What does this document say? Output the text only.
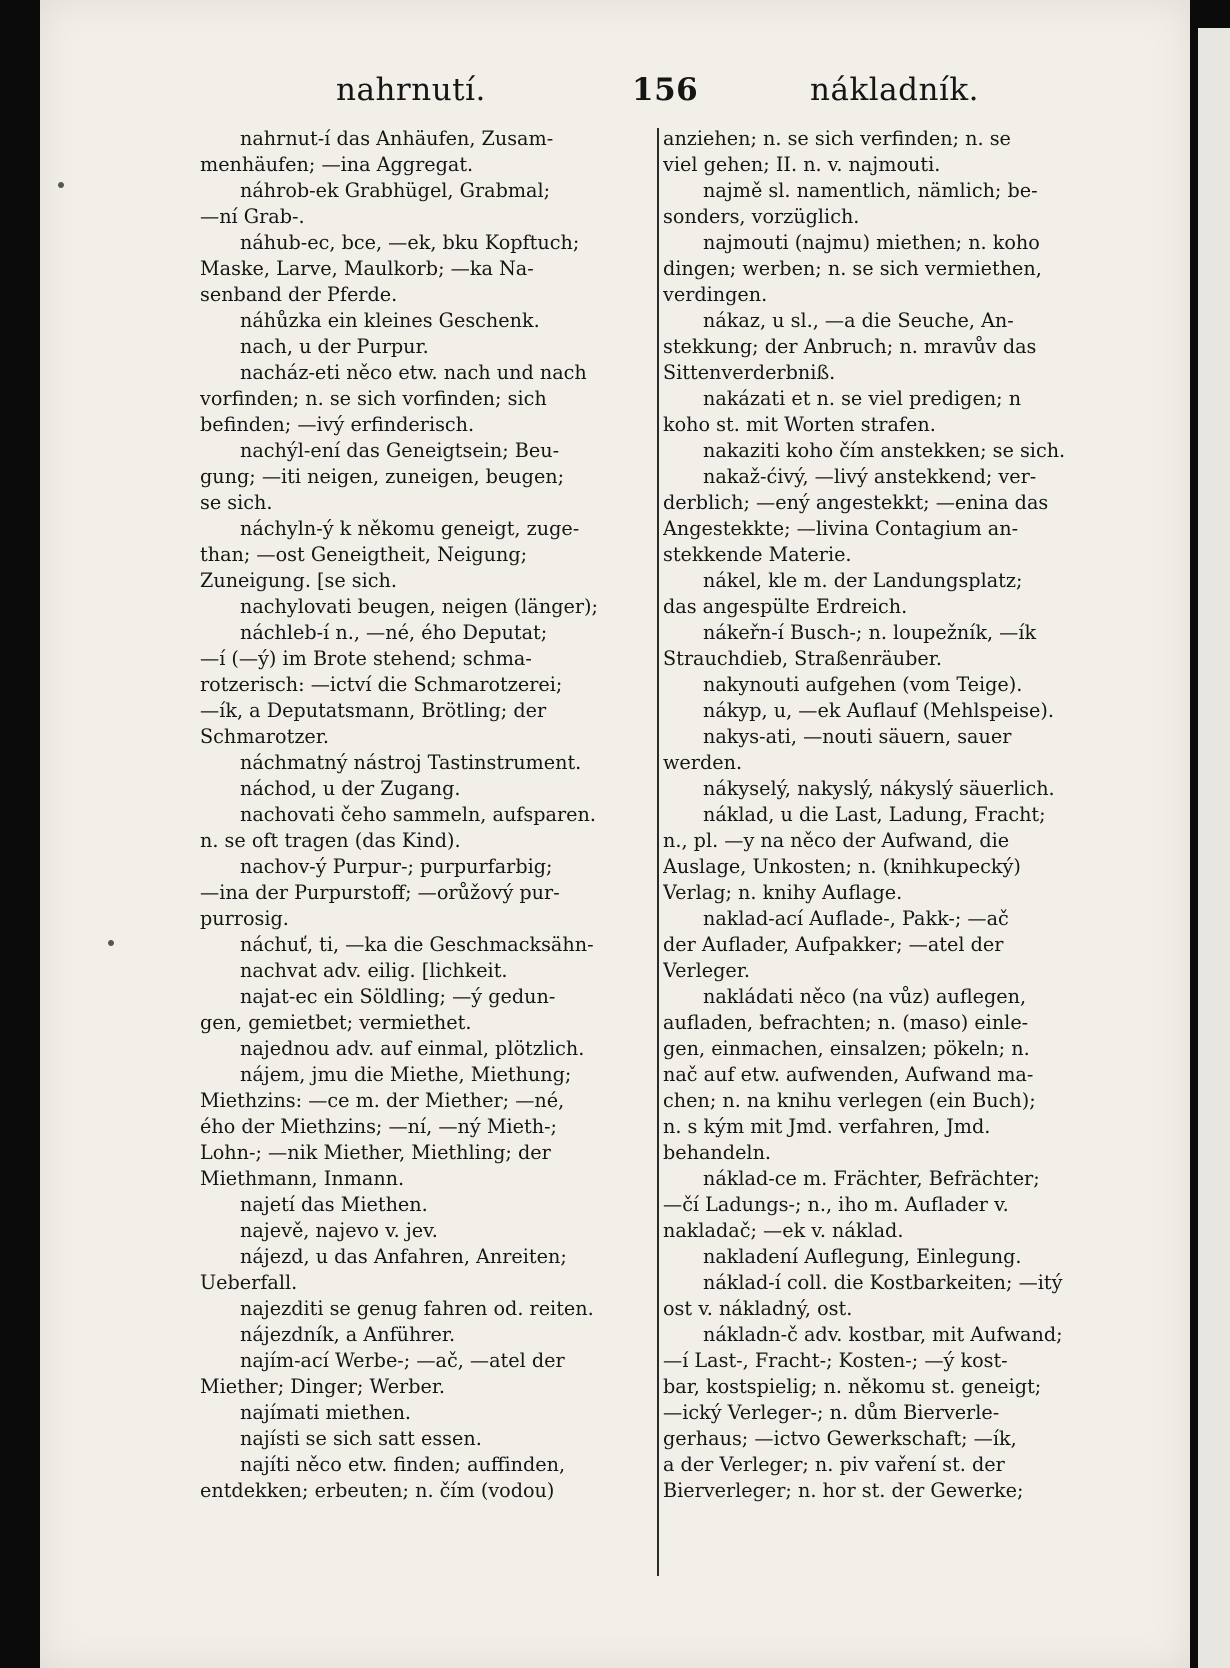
nahrnutí.	156	nákladník.
nahrnut-í das Anhäufen, Zusam-
menhäufen; —ina Aggregat.
náhrob-ek Grabhügel, Grabmal;
—ní Grab-.
náhub-ec, bce, —ek, bku Kopftuch;
Maske, Larve, Maulkorb; —ka Na-
senband der Pferde.
náhůzka ein kleines Geschenk.
nach, u der Purpur.
nacház-eti něco etw. nach und nach
vorfinden; n. se sich vorfinden; sich
befinden; —ivý erfinderisch.
nachýl-ení das Geneigtsein; Beu-
gung; —iti neigen, zuneigen, beugen;
se sich.
náchyln-ý k někomu geneigt, zuge-
than; —ost Geneigtheit, Neigung;
Zuneigung. [se sich.
nachylovati beugen, neigen (länger);
náchleb-í n., —né, ého Deputat;
—í (—ý) im Brote stehend; schma-
rotzerisch: —ictví die Schmarotzerei;
—ík, a Deputatsmann, Brötling; der
Schmarotzer.
náchmatný nástroj Tastinstrument.
náchod, u der Zugang.
nachovati čeho sammeln, aufsparen.
n. se oft tragen (das Kind).
nachov-ý Purpur-; purpurfarbig;
—ina der Purpurstoff; —orůžový pur-
purrosig.
náchuť, ti, —ka die Geschmacksähn-
nachvat adv. eilig. [lichkeit.
najat-ec ein Söldling; —ý gedun-
gen, gemietbet; vermiethet.
najednou adv. auf einmal, plötzlich.
nájem, jmu die Miethe, Miethung;
Miethzins: —ce m. der Miether; —né,
ého der Miethzins; —ní, —ný Mieth-;
Lohn-; —nik Miether, Miethling; der
Miethmann, Inmann.
najetí das Miethen.
najevě, najevo v. jev.
nájezd, u das Anfahren, Anreiten;
Ueberfall.
najezditi se genug fahren od. reiten.
nájezdník, a Anführer.
najím-ací Werbe-; —ač, —atel der
Miether; Dinger; Werber.
najímati miethen.
najísti se sich satt essen.
najíti něco etw. finden; auffinden,
entdekken; erbeuten; n. čím (vodou)
anziehen; n. se sich verfinden; n. se
viel gehen; II. n. v. najmouti.
najmě sl. namentlich, nämlich; be-
sonders, vorzüglich.
najmouti (najmu) miethen; n. koho
dingen; werben; n. se sich vermiethen,
verdingen.
nákaz, u sl., —a die Seuche, An-
stekkung; der Anbruch; n. mravův das
Sittenverderbniß.
nakázati et n. se viel predigen; n
koho st. mit Worten strafen.
nakaziti koho čím anstekken; se sich.
nakaž-ćivý, —livý anstekkend; ver-
derblich; —ený angestekkt; —enina das
Angestekkte; —livina Contagium an-
stekkende Materie.
nákel, kle m. der Landungsplatz;
das angespülte Erdreich.
nákeřn-í Busch-; n. loupežník, —ík
Strauchdieb, Straßenräuber.
nakynouti aufgehen (vom Teige).
nákyp, u, —ek Auflauf (Mehlspeise).
nakys-ati, —nouti säuern, sauer
werden.
nákyselý, nakyslý, nákyslý säuerlich.
náklad, u die Last, Ladung, Fracht;
n., pl. —y na něco der Aufwand, die
Auslage, Unkosten; n. (knihkupecký)
Verlag; n. knihy Auflage.
naklad-ací Auflade-, Pakk-; —ač
der Auflader, Aufpakker; —atel der
Verleger.
nakládati něco (na vůz) auflegen,
aufladen, befrachten; n. (maso) einle-
gen, einmachen, einsalzen; pökeln; n.
nač auf etw. aufwenden, Aufwand ma-
chen; n. na knihu verlegen (ein Buch);
n. s kým mit Jmd. verfahren, Jmd.
behandeln.
náklad-ce m. Frächter, Befrächter;
—čí Ladungs-; n., iho m. Auflader v.
nakladač; —ek v. náklad.
nakladení Auflegung, Einlegung.
náklad-í coll. die Kostbarkeiten; —itý
ost v. nákladný, ost.
nákladn-č adv. kostbar, mit Aufwand;
—í Last-, Fracht-; Kosten-; —ý kost-
bar, kostspielig; n. někomu st. geneigt;
—ický Verleger-; n. dům Bierverle-
gerhaus; —ictvo Gewerkschaft; —ík,
a der Verleger; n. piv vaření st. der
Bierverleger; n. hor st. der Gewerke;
